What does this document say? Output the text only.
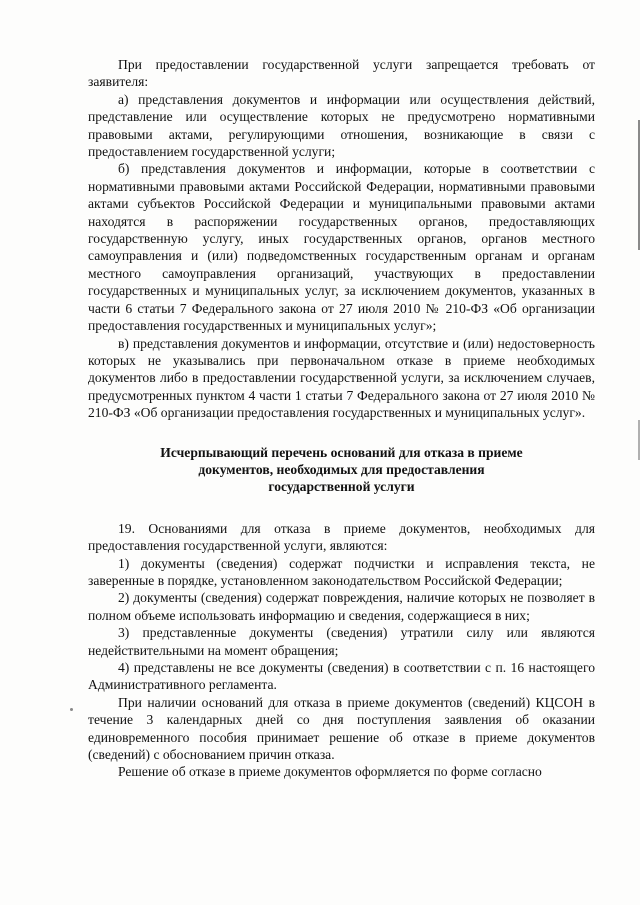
При предоставлении государственной услуги запрещается требовать от заявителя:

а) представления документов и информации или осуществления действий, представление или осуществление которых не предусмотрено нормативными правовыми актами, регулирующими отношения, возникающие в связи с предоставлением государственной услуги;

б) представления документов и информации, которые в соответствии с нормативными правовыми актами Российской Федерации, нормативными правовыми актами субъектов Российской Федерации и муниципальными правовыми актами находятся в распоряжении государственных органов, предоставляющих государственную услугу, иных государственных органов, органов местного самоуправления и (или) подведомственных государственным органам и органам местного самоуправления организаций, участвующих в предоставлении государственных и муниципальных услуг, за исключением документов, указанных в части 6 статьи 7 Федерального закона от 27 июля 2010 № 210-ФЗ «Об организации предоставления государственных и муниципальных услуг»;

в) представления документов и информации, отсутствие и (или) недостоверность которых не указывались при первоначальном отказе в приеме необходимых документов либо в предоставлении государственной услуги, за исключением случаев, предусмотренных пунктом 4 части 1 статьи 7 Федерального закона от 27 июля 2010 № 210-ФЗ «Об организации предоставления государственных и муниципальных услуг».

Исчерпывающий перечень оснований для отказа в приеме
документов, необходимых для предоставления
государственной услуги

19. Основаниями для отказа в приеме документов, необходимых для предоставления государственной услуги, являются:

1) документы (сведения) содержат подчистки и исправления текста, не заверенные в порядке, установленном законодательством Российской Федерации;

2) документы (сведения) содержат повреждения, наличие которых не позволяет в полном объеме использовать информацию и сведения, содержащиеся в них;

3) представленные документы (сведения) утратили силу или являются недействительными на момент обращения;

4) представлены не все документы (сведения) в соответствии с п. 16 настоящего Административного регламента.

При наличии оснований для отказа в приеме документов (сведений) КЦСОН в течение 3 календарных дней со дня поступления заявления об оказании единовременного пособия принимает решение об отказе в приеме документов (сведений) с обоснованием причин отказа.

Решение об отказе в приеме документов оформляется по форме согласно
